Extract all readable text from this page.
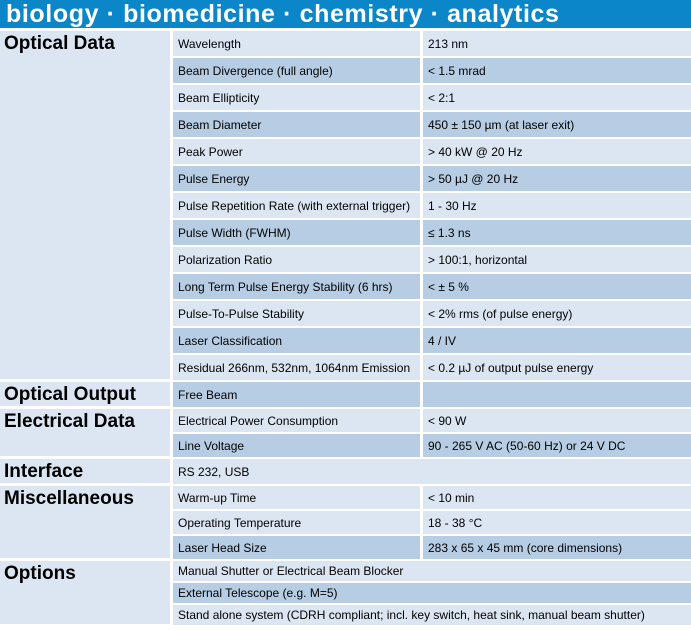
biology · biomedicine · chemistry · analytics
Optical Data	Wavelength	213 nm
	Beam Divergence (full angle)	< 1.5 mrad
	Beam Ellipticity	< 2:1
	Beam Diameter	450 ± 150 µm (at laser exit)
	Peak Power	> 40 kW @ 20 Hz
	Pulse Energy	> 50 µJ @ 20 Hz
	Pulse Repetition Rate (with external trigger)	1 - 30 Hz
	Pulse Width (FWHM)	≤ 1.3 ns
	Polarization Ratio	> 100:1, horizontal
	Long Term Pulse Energy Stability (6 hrs)	< ± 5 %
	Pulse-To-Pulse Stability	< 2% rms (of pulse energy)
	Laser Classification	4 / IV
	Residual 266nm, 532nm, 1064nm Emission	< 0.2 µJ of output pulse energy
Optical Output	Free Beam	
Electrical Data	Electrical Power Consumption	< 90 W
	Line Voltage	90 - 265 V AC (50-60 Hz) or 24 V DC
Interface	RS 232, USB	
Miscellaneous	Warm-up Time	< 10 min
	Operating Temperature	18 - 38 °C
	Laser Head Size	283 x 65 x 45 mm (core dimensions)
Options	Manual Shutter or Electrical Beam Blocker	
	External Telescope (e.g. M=5)	
	Stand alone system (CDRH compliant; incl. key switch, heat sink, manual beam shutter)	
